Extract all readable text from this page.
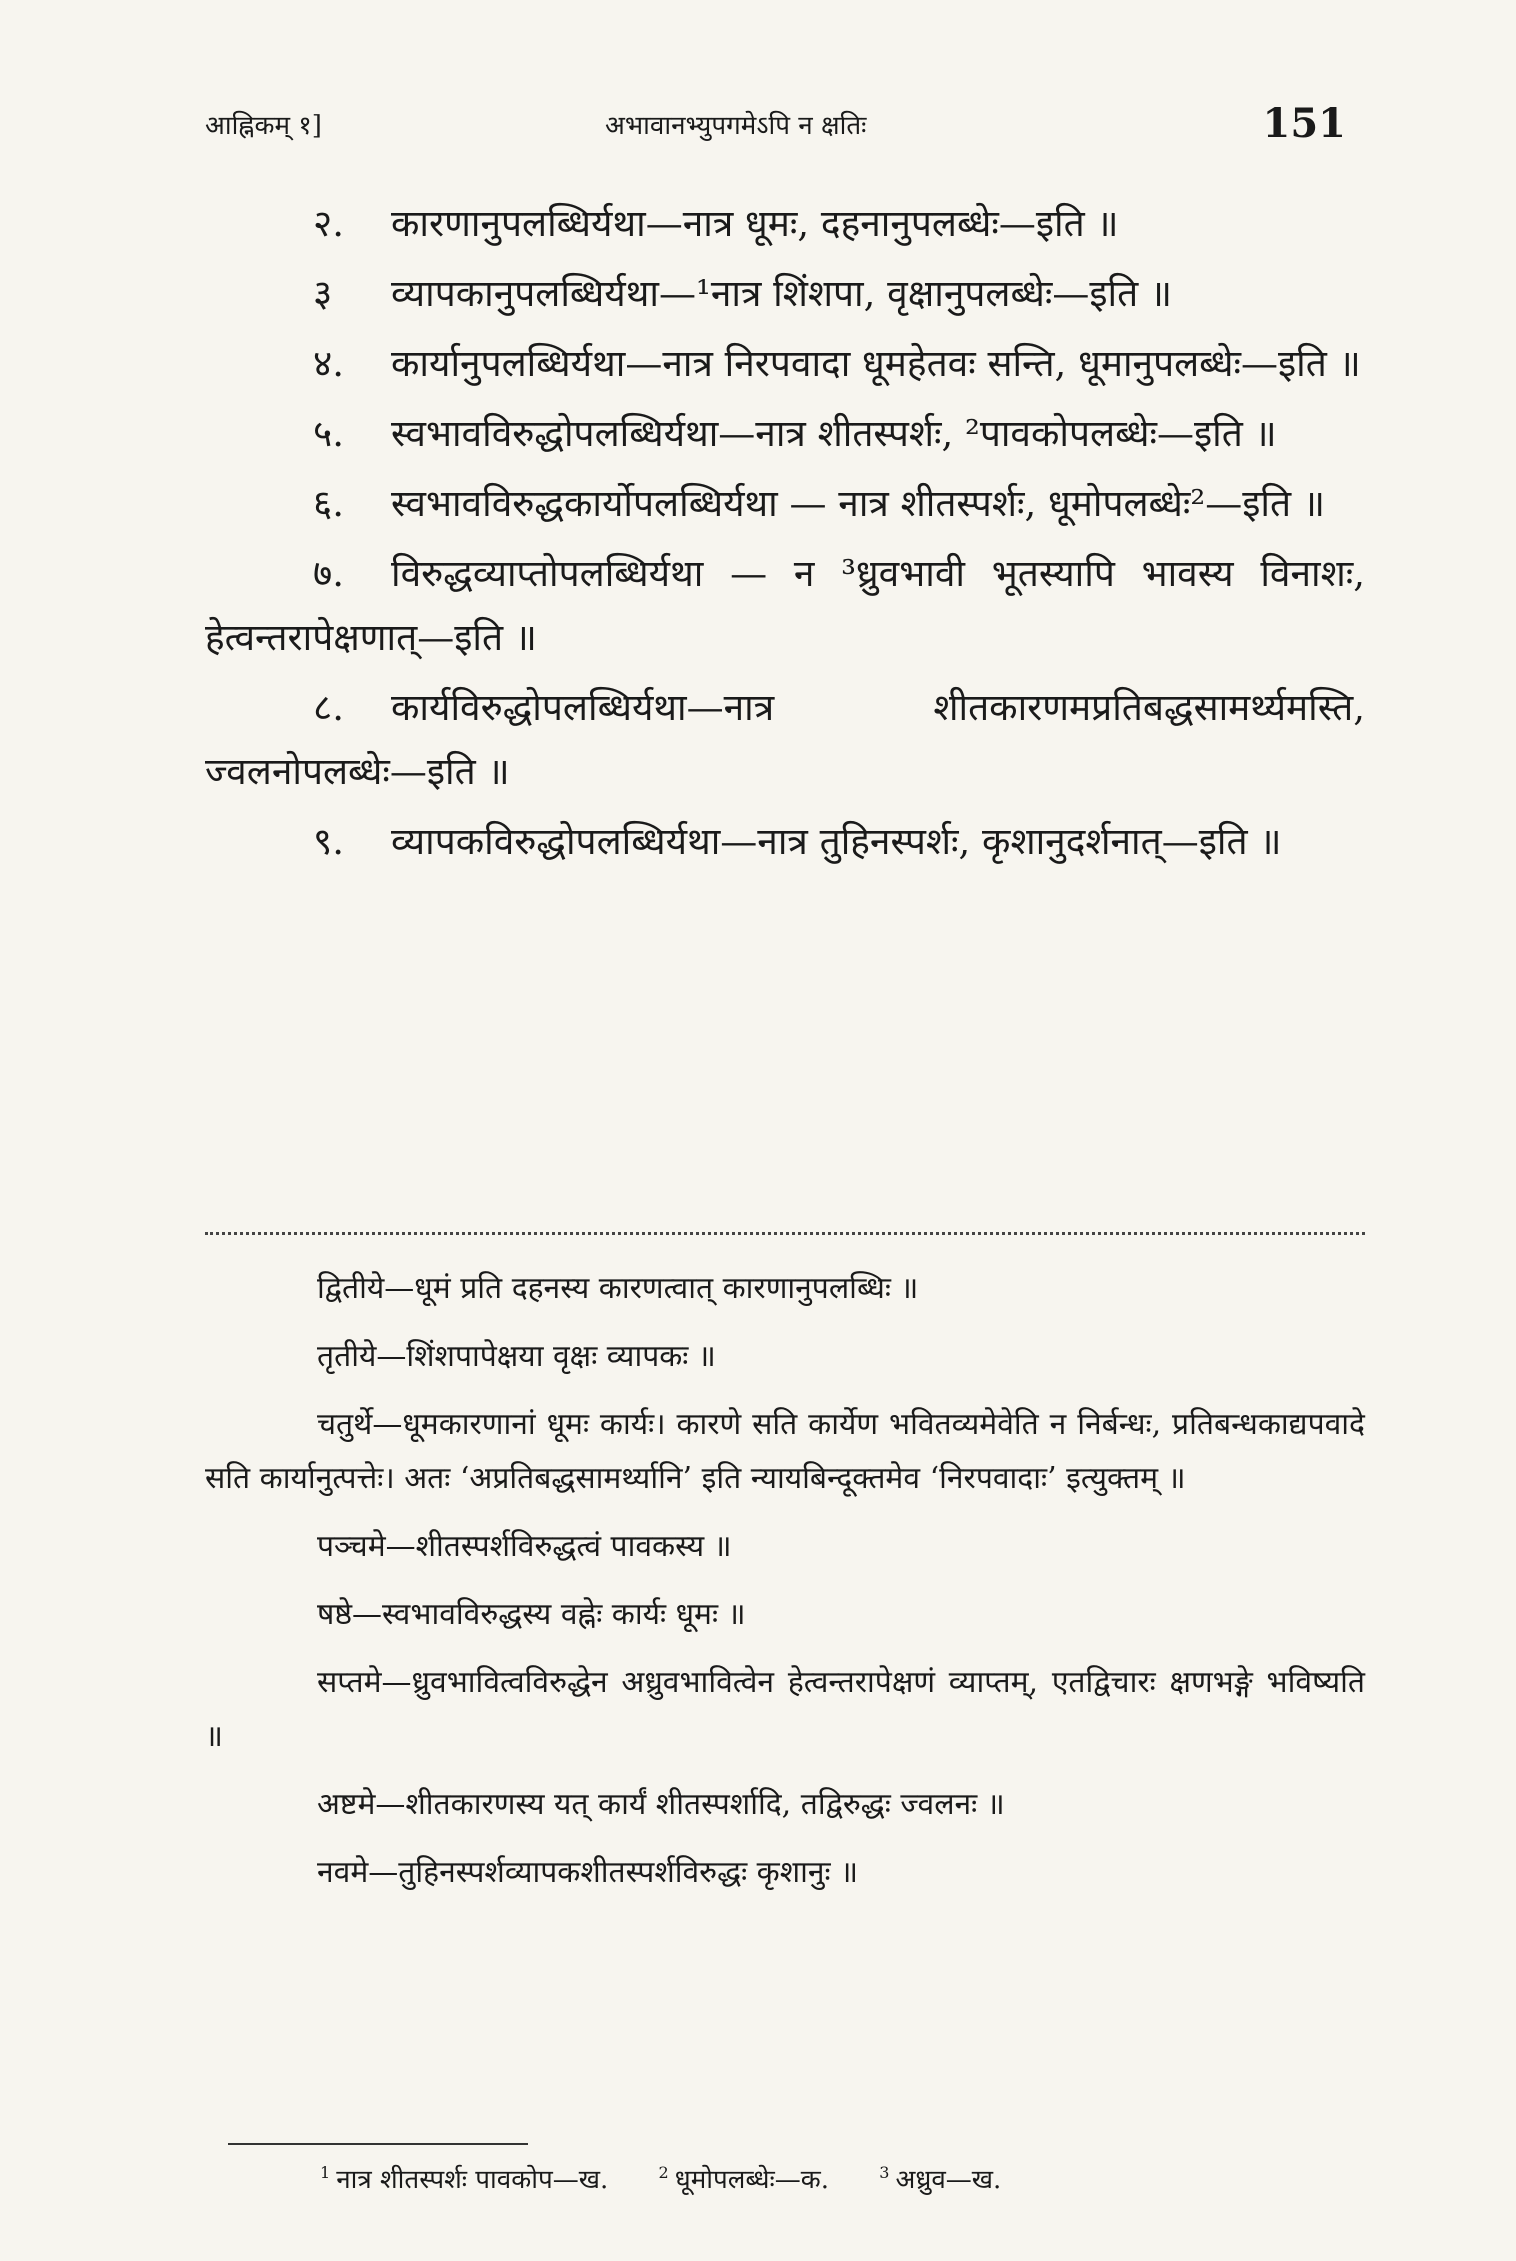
आह्निकम् १]	अभावानभ्युपगमेऽपि न क्षतिः	151

२. कारणानुपलब्धिर्यथा—नात्र धूमः, दहनानुपलब्धेः—इति ॥

३ व्यापकानुपलब्धिर्यथा—¹नात्र शिंशपा, वृक्षानुपलब्धेः—इति ॥

४. कार्यानुपलब्धिर्यथा—नात्र निरपवादा धूमहेतवः सन्ति, धूमानुपलब्धेः—इति ॥

५. स्वभावविरुद्धोपलब्धिर्यथा—नात्र शीतस्पर्शः, ²पावकोपलब्धेः—इति ॥

६. स्वभावविरुद्धकार्योपलब्धिर्यथा — नात्र शीतस्पर्शः, धूमोपलब्धेः²—इति ॥

७. विरुद्धव्याप्तोपलब्धिर्यथा — न ³ध्रुवभावी भूतस्यापि भावस्य विनाशः, हेत्वन्तरापेक्षणात्—इति ॥

८. कार्यविरुद्धोपलब्धिर्यथा—नात्र शीतकारणमप्रतिबद्धसामर्थ्यमस्ति, ज्वलनोपलब्धेः—इति ॥

९. व्यापकविरुद्धोपलब्धिर्यथा—नात्र तुहिनस्पर्शः, कृशानुदर्शनात्—इति ॥

द्वितीये—धूमं प्रति दहनस्य कारणत्वात् कारणानुपलब्धिः ॥

तृतीये—शिंशपापेक्षया वृक्षः व्यापकः ॥

चतुर्थे—धूमकारणानां धूमः कार्यः। कारणे सति कार्येण भवितव्यमेवेति न निर्बन्धः, प्रतिबन्धकाद्यपवादे सति कार्यानुत्पत्तेः। अतः ‘अप्रतिबद्धसामर्थ्यानि’ इति न्यायबिन्दूक्तमेव ‘निरपवादाः’ इत्युक्तम् ॥

पञ्चमे—शीतस्पर्शविरुद्धत्वं पावकस्य ॥

षष्ठे—स्वभावविरुद्धस्य वह्नेः कार्यः धूमः ॥

सप्तमे—ध्रुवभावित्वविरुद्धेन अध्रुवभावित्वेन हेत्वन्तरापेक्षणं व्याप्तम्, एतद्विचारः क्षणभङ्गे भविष्यति ॥

अष्टमे—शीतकारणस्य यत् कार्यं शीतस्पर्शादि, तद्विरुद्धः ज्वलनः ॥

नवमे—तुहिनस्पर्शव्यापकशीतस्पर्शविरुद्धः कृशानुः ॥

$^1$ नात्र शीतस्पर्शः पावकोप—ख.	$^2$ धूमोपलब्धेः—क.	$^3$ अध्रुव—ख.
